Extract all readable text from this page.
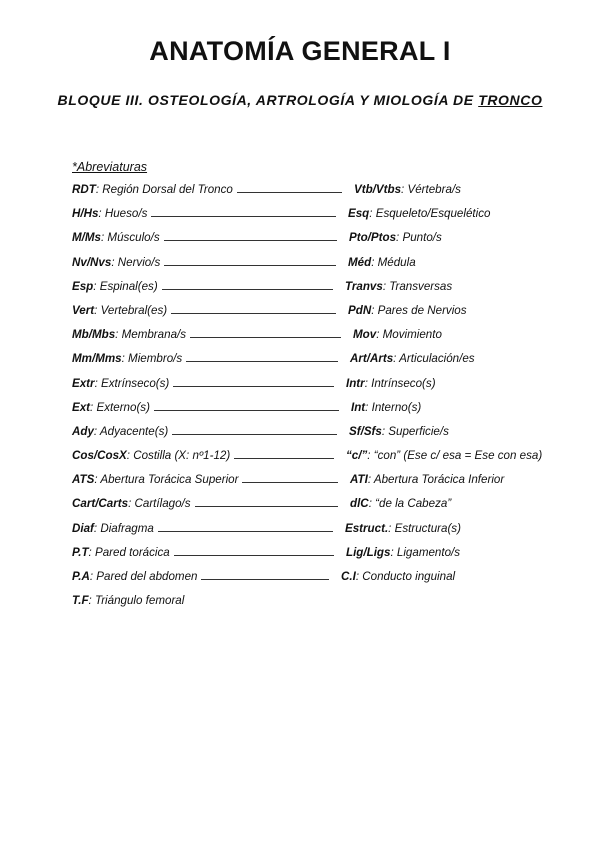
ANATOMÍA GENERAL I
BLOQUE III. OSTEOLOGÍA, ARTROLOGÍA Y MIOLOGÍA DE TRONCO
*Abreviaturas
RDT : Región Dorsal del Tronco	Vtb/Vtbs: Vértebra/s
H/Hs : Hueso/s	Esq: Esqueleto/Esquelético
M/Ms : Músculo/s	Pto/Ptos: Punto/s
Nv/Nvs : Nervio/s	Méd: Médula
Esp : Espinal(es)	Tranvs: Transversas
Vert : Vertebral(es)	PdN: Pares de Nervios
Mb/Mbs : Membrana/s	Mov: Movimiento
Mm/Mms : Miembro/s	Art/Arts: Articulación/es
Extr : Extrínseco(s)	Intr: Intrínseco(s)
Ext : Externo(s)	Int: Interno(s)
Ady : Adyacente(s)	Sf/Sfs: Superficie/s
Cos/CosX : Costilla (X: nº1-12)	“c/”: “con” (Ese c/ esa = Ese con esa)
ATS : Abertura Torácica Superior	ATI: Abertura Torácica Inferior
Cart/Carts : Cartílago/s	dlC: “de la Cabeza”
Diaf : Diafragma	Estruct.: Estructura(s)
P.T : Pared torácica	Lig/Ligs: Ligamento/s
P.A : Pared del abdomen	C.I: Conducto inguinal
T.F : Triángulo femoral
